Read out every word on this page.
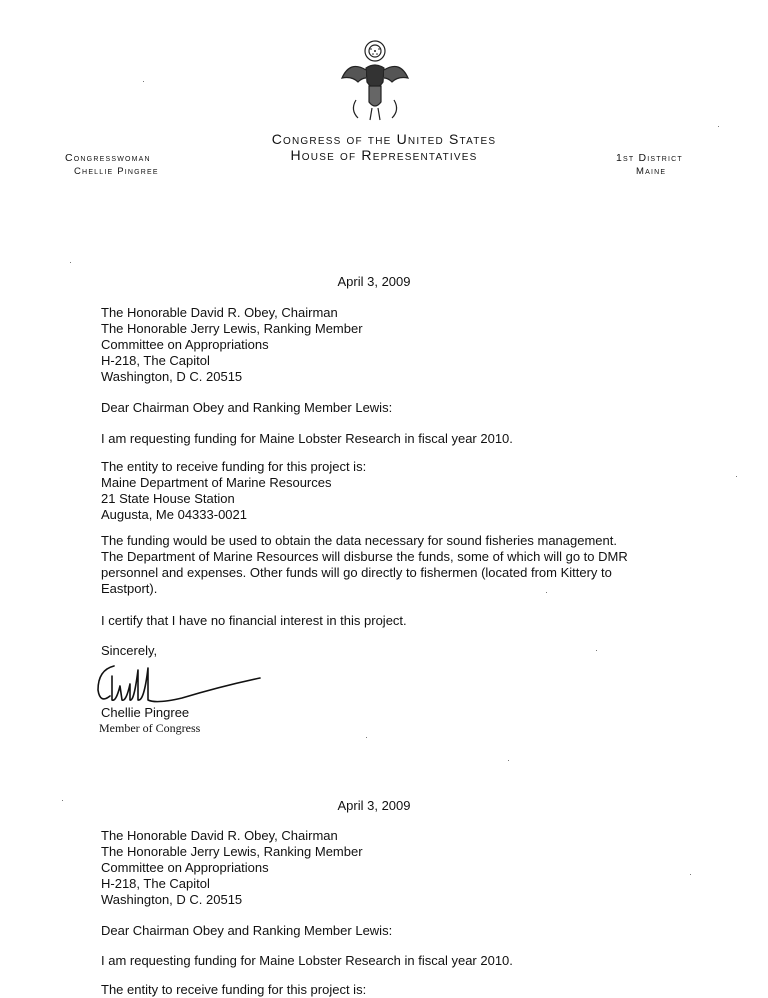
Congress of the United States
House of Representatives
Congresswoman
Chellie Pingree
1st District
Maine
April 3, 2009
The Honorable David R. Obey, Chairman
The Honorable Jerry Lewis, Ranking Member
Committee on Appropriations
H-218, The Capitol
Washington, D C. 20515
Dear Chairman Obey and Ranking Member Lewis:
I am requesting funding for Maine Lobster Research in fiscal year 2010.
The entity to receive funding for this project is:
Maine Department of Marine Resources
21 State House Station
Augusta, Me 04333-0021
The funding would be used to obtain the data necessary for sound fisheries management.
The Department of Marine Resources will disburse the funds, some of which will go to DMR
personnel and expenses. Other funds will go directly to fishermen (located from Kittery to
Eastport).
I certify that I have no financial interest in this project.
Sincerely,
Chellie Pingree
Member of Congress
April 3, 2009
The Honorable David R. Obey, Chairman
The Honorable Jerry Lewis, Ranking Member
Committee on Appropriations
H-218, The Capitol
Washington, D C. 20515
Dear Chairman Obey and Ranking Member Lewis:
I am requesting funding for Maine Lobster Research in fiscal year 2010.
The entity to receive funding for this project is:
